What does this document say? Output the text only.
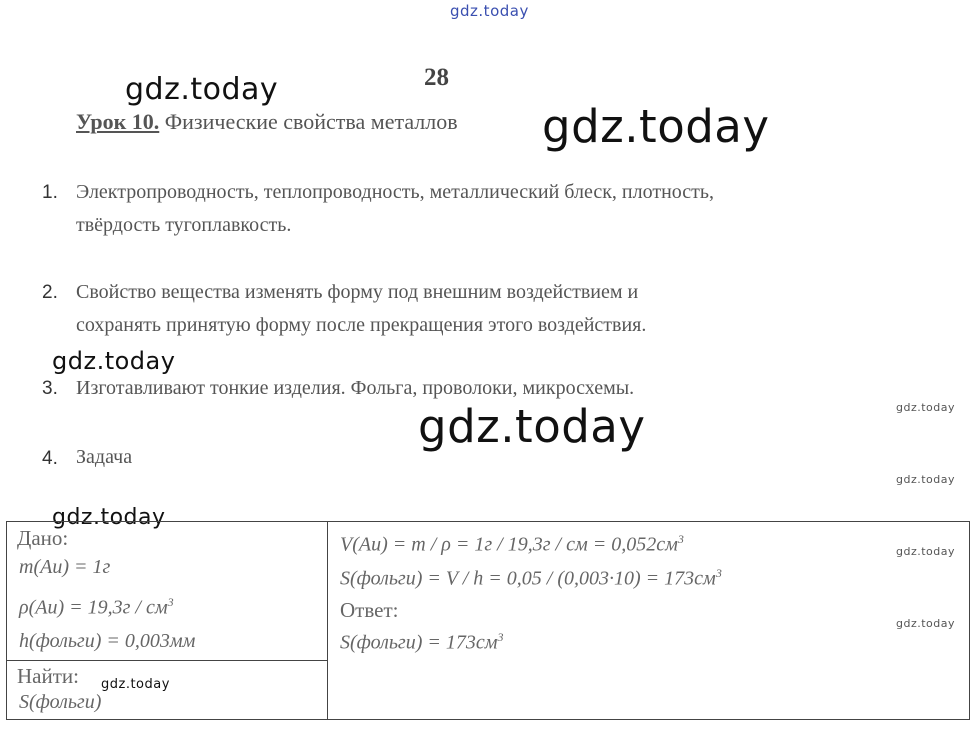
gdz.today
gdz.today
gdz.today
gdz.today
gdz.today
gdz.today
gdz.today
gdz.today
gdz.today
gdz.today
gdz.today
28
Урок 10. Физические свойства металлов
1. Электропроводность, теплопроводность, металлический блеск, плотность,
твёрдость тугоплавкость.
2. Свойство вещества изменять форму под внешним воздействием и
сохранять принятую форму после прекращения этого воздействия.
3. Изготавливают тонкие изделия. Фольга, проволоки, микросхемы.
4. Задача
Дано:
m(Au) = 1г
$\rho(Au) = 19,3г / см^3$
h(фольги) = 0,003мм

V(Au) = m / ρ = 1г / 19,3г / см = $0,052см^3$
S(фольги) = $V / h = 0,05 / (0,003\cdot 10) = 173см^3$
Ответ:
S(фольги) = $173см^3$

Найти:
S(фольги)
